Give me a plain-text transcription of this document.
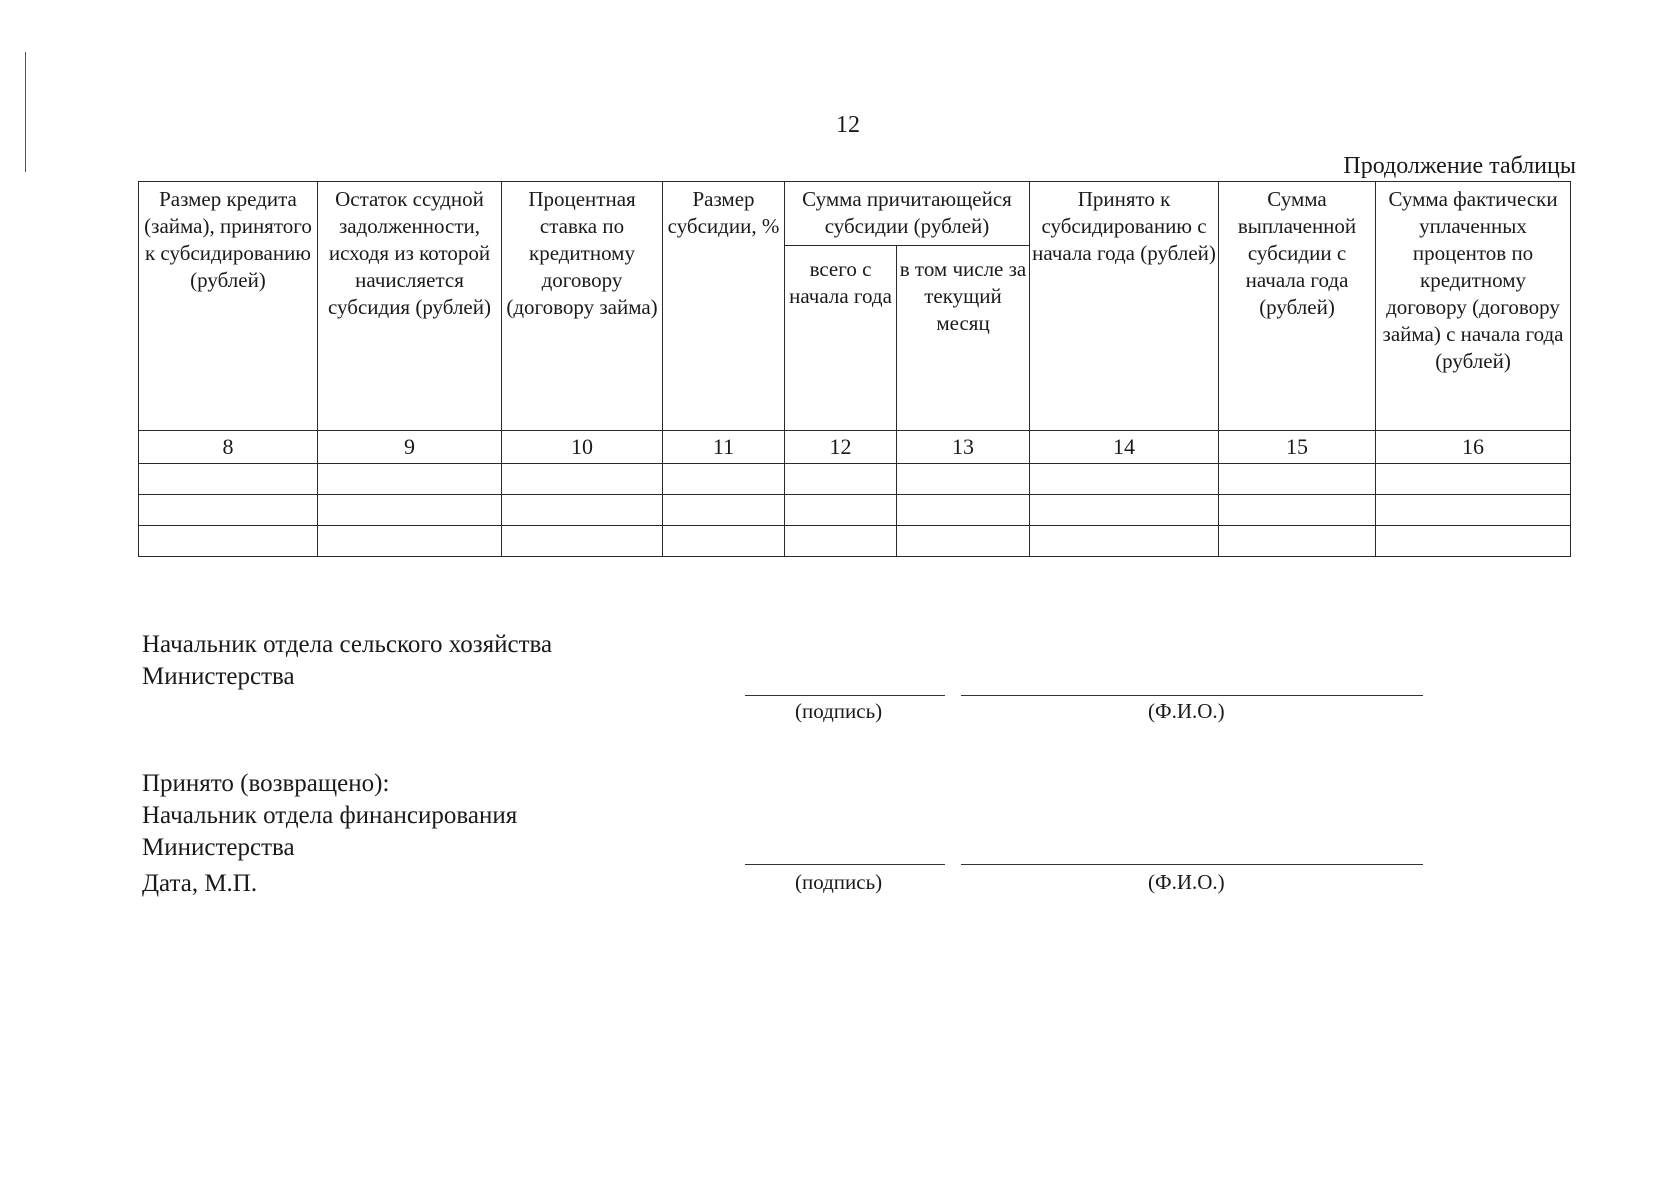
12
Продолжение таблицы
Размер кредита (займа), принятого к субсидированию (рублей)	Остаток ссудной задолженности, исходя из которой начисляется субсидия (рублей)	Процентная ставка по кредитному договору (договору займа)	Размер субсидии, %	Сумма причитающейся субсидии (рублей)		Принято к субсидированию с начала года (рублей)	Сумма выплаченной субсидии с начала года (рублей)	Сумма фактически уплаченных процентов по кредитному договору (договору займа) с начала года (рублей)
				всего с начала года	в том числе за текущий месяц			
8	9	10	11	12	13	14	15	16

Начальник отдела сельского хозяйства
Министерства
(подпись)	(Ф.И.О.)
Принято (возвращено):
Начальник отдела финансирования
Министерства
Дата, М.П.	(подпись)	(Ф.И.О.)
